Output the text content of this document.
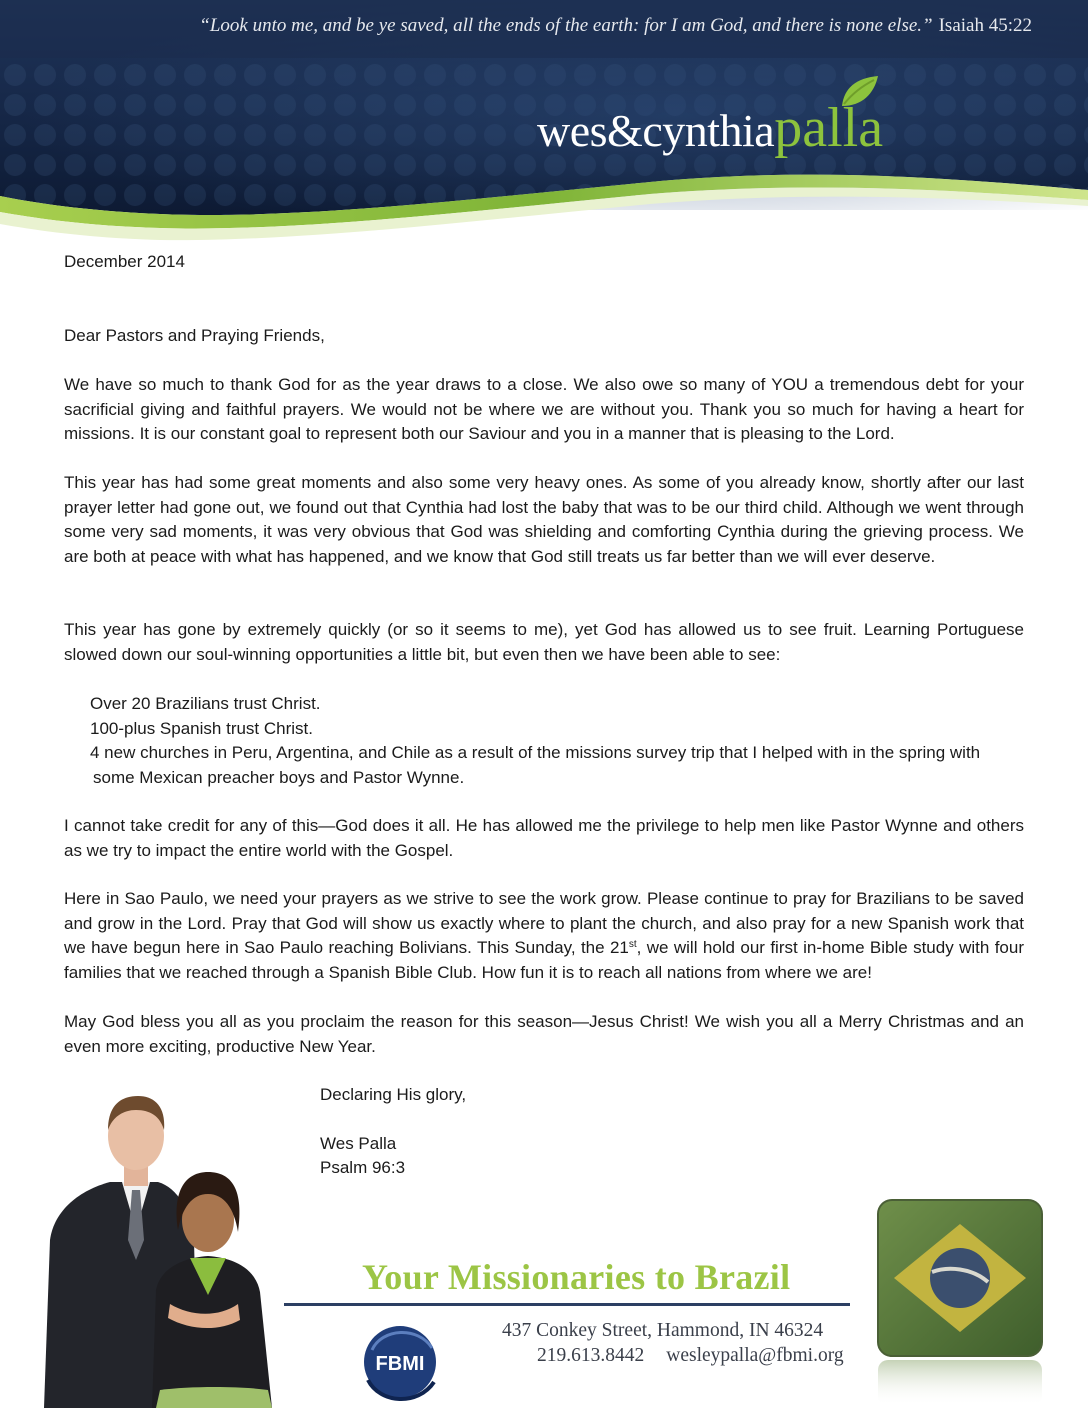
“Look unto me, and be ye saved, all the ends of the earth: for I am God, and there is none else.” Isaiah 45:22
wes&cynthiapalla

December 2014

Dear Pastors and Praying Friends,

We have so much to thank God for as the year draws to a close. We also owe so many of YOU a tremendous debt for your sacrificial giving and faithful prayers. We would not be where we are without you. Thank you so much for having a heart for missions. It is our constant goal to represent both our Saviour and you in a manner that is pleasing to the Lord.

This year has had some great moments and also some very heavy ones. As some of you already know, shortly after our last prayer letter had gone out, we found out that Cynthia had lost the baby that was to be our third child. Although we went through some very sad moments, it was very obvious that God was shielding and comforting Cynthia during the grieving process. We are both at peace with what has happened, and we know that God still treats us far better than we will ever deserve.

This year has gone by extremely quickly (or so it seems to me), yet God has allowed us to see fruit. Learning Portuguese slowed down our soul-winning opportunities a little bit, but even then we have been able to see:

Over 20 Brazilians trust Christ.
100-plus Spanish trust Christ.
4 new churches in Peru, Argentina, and Chile as a result of the missions survey trip that I helped with in the spring with
some Mexican preacher boys and Pastor Wynne.

I cannot take credit for any of this—God does it all. He has allowed me the privilege to help men like Pastor Wynne and others as we try to impact the entire world with the Gospel.

Here in Sao Paulo, we need your prayers as we strive to see the work grow. Please continue to pray for Brazilians to be saved and grow in the Lord. Pray that God will show us exactly where to plant the church, and also pray for a new Spanish work that we have begun here in Sao Paulo reaching Bolivians. This Sunday, the 21st, we will hold our first in-home Bible study with four families that we reached through a Spanish Bible Club. How fun it is to reach all nations from where we are!

May God bless you all as you proclaim the reason for this season—Jesus Christ! We wish you all a Merry Christmas and an even more exciting, productive New Year.

Declaring His glory,

Wes Palla

Psalm 96:3

Your Missionaries to Brazil
FBMI
437 Conkey Street, Hammond, IN 46324
219.613.8442 wesleypalla@fbmi.org
